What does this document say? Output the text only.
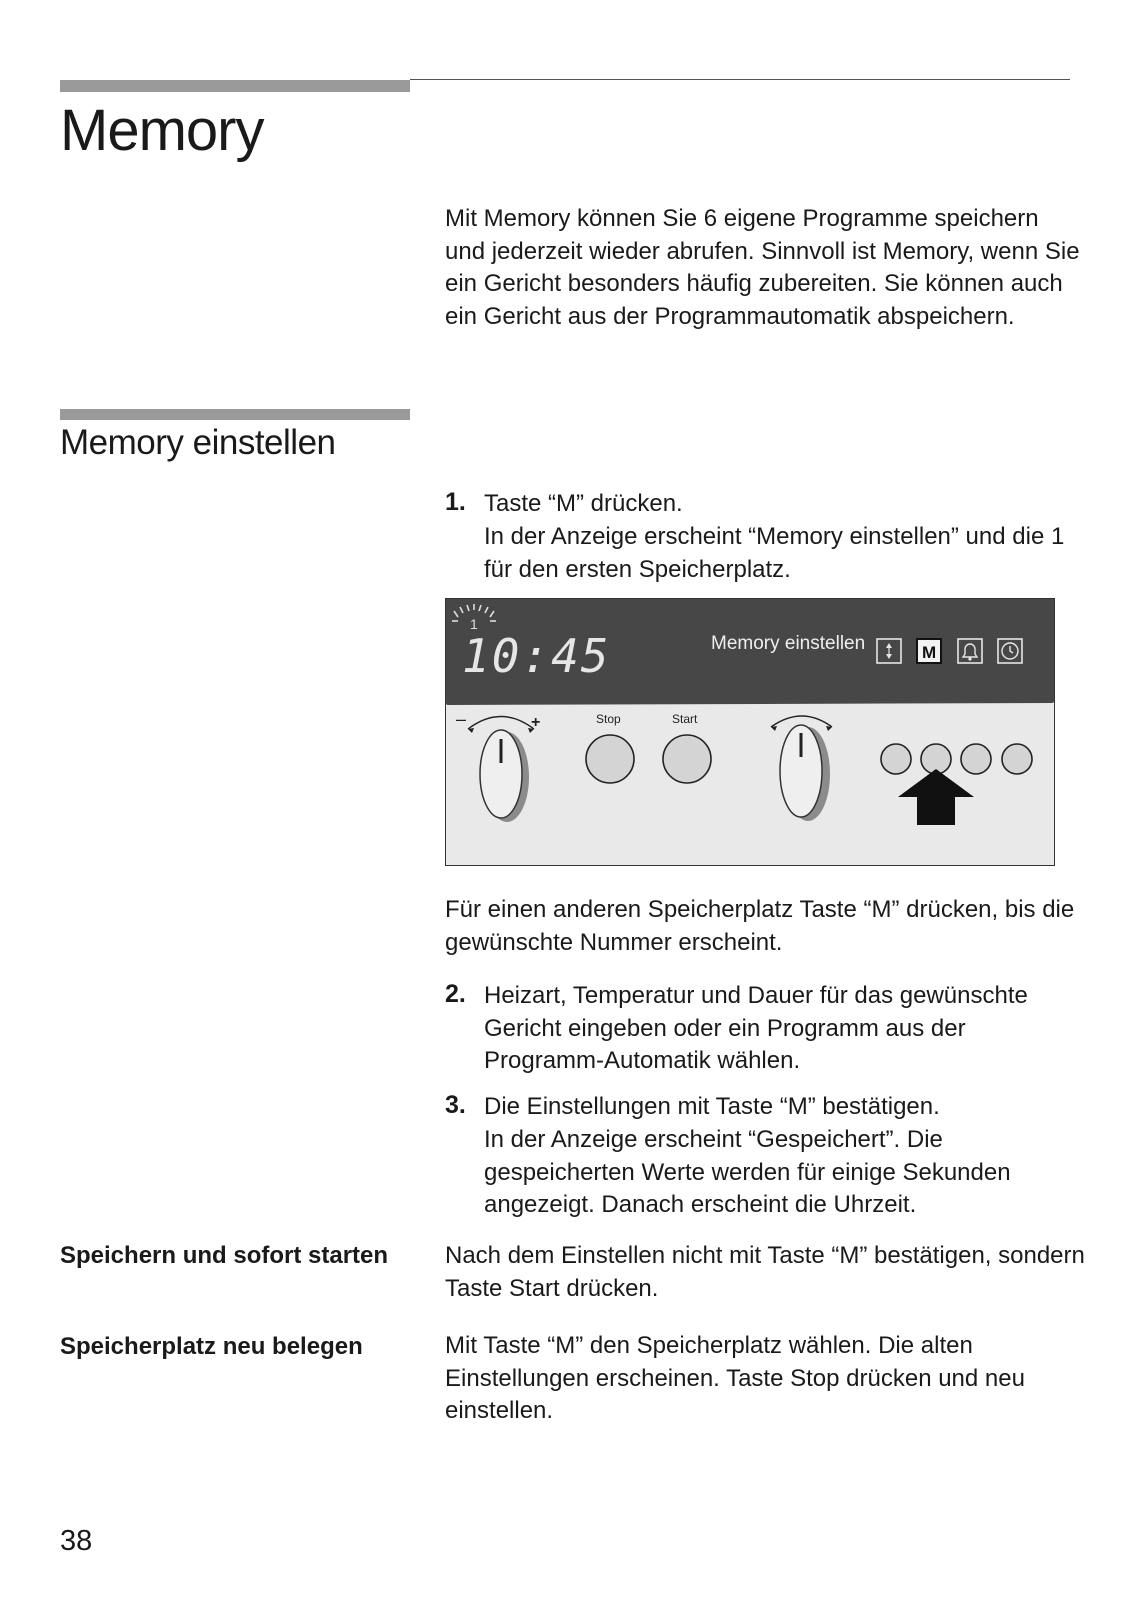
Memory
Mit Memory können Sie 6 eigene Programme speichern und jederzeit wieder abrufen. Sinnvoll ist Memory, wenn Sie ein Gericht besonders häufig zubereiten. Sie können auch ein Gericht aus der Programmautomatik abspeichern.
Memory einstellen
1. Taste “M” drücken.
In der Anzeige erscheint “Memory einstellen” und die 1 für den ersten Speicherplatz.
1
10:45	Memory einstellen	M
–	+	Stop	Start
Für einen anderen Speicherplatz Taste “M” drücken, bis die gewünschte Nummer erscheint.
2. Heizart, Temperatur und Dauer für das gewünschte Gericht eingeben oder ein Programm aus der Programm-Automatik wählen.
3. Die Einstellungen mit Taste “M” bestätigen.
In der Anzeige erscheint “Gespeichert”. Die gespeicherten Werte werden für einige Sekunden angezeigt. Danach erscheint die Uhrzeit.
Speichern und sofort starten	Nach dem Einstellen nicht mit Taste “M” bestätigen, sondern Taste Start drücken.
Speicherplatz neu belegen	Mit Taste “M” den Speicherplatz wählen. Die alten Einstellungen erscheinen. Taste Stop drücken und neu einstellen.
38
